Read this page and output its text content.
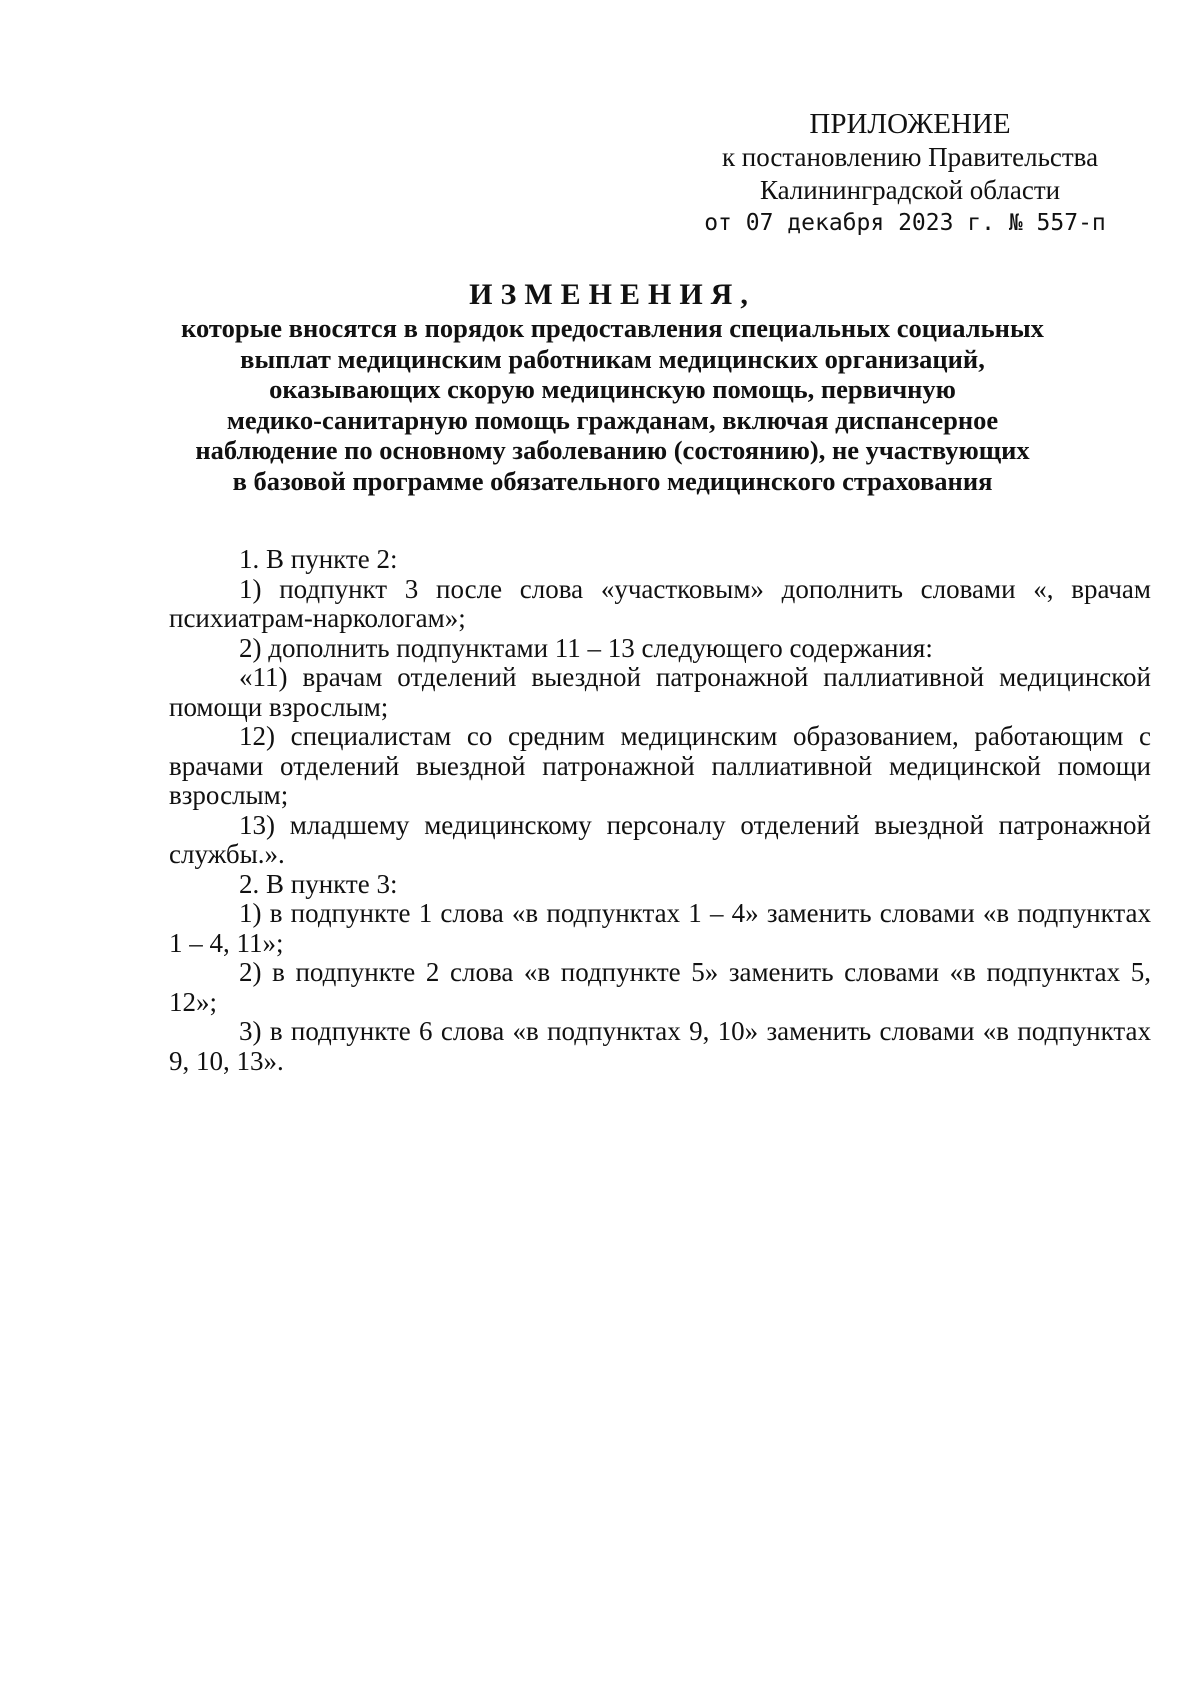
ПРИЛОЖЕНИЕ
к постановлению Правительства
Калининградской области
от 07 декабря 2023 г. № 557-п
ИЗМЕНЕНИЯ,
которые вносятся в порядок предоставления специальных социальных
выплат медицинским работникам медицинских организаций,
оказывающих скорую медицинскую помощь, первичную
медико-санитарную помощь гражданам, включая диспансерное
наблюдение по основному заболеванию (состоянию), не участвующих
в базовой программе обязательного медицинского страхования

1. В пункте 2:

1) подпункт 3 после слова «участковым» дополнить словами «, врачам психиатрам-наркологам»;

2) дополнить подпунктами 11 – 13 следующего содержания:

«11) врачам отделений выездной патронажной паллиативной медицинской помощи взрослым;

12) специалистам со средним медицинским образованием, работающим с врачами отделений выездной патронажной паллиативной медицинской помощи взрослым;

13) младшему медицинскому персоналу отделений выездной патронажной службы.».

2. В пункте 3:

1) в подпункте 1 слова «в подпунктах 1 – 4» заменить словами «в подпунктах 1 – 4, 11»;

2) в подпункте 2 слова «в подпункте 5» заменить словами «в подпунктах 5, 12»;

3) в подпункте 6 слова «в подпунктах 9, 10» заменить словами «в подпунктах 9, 10, 13».
